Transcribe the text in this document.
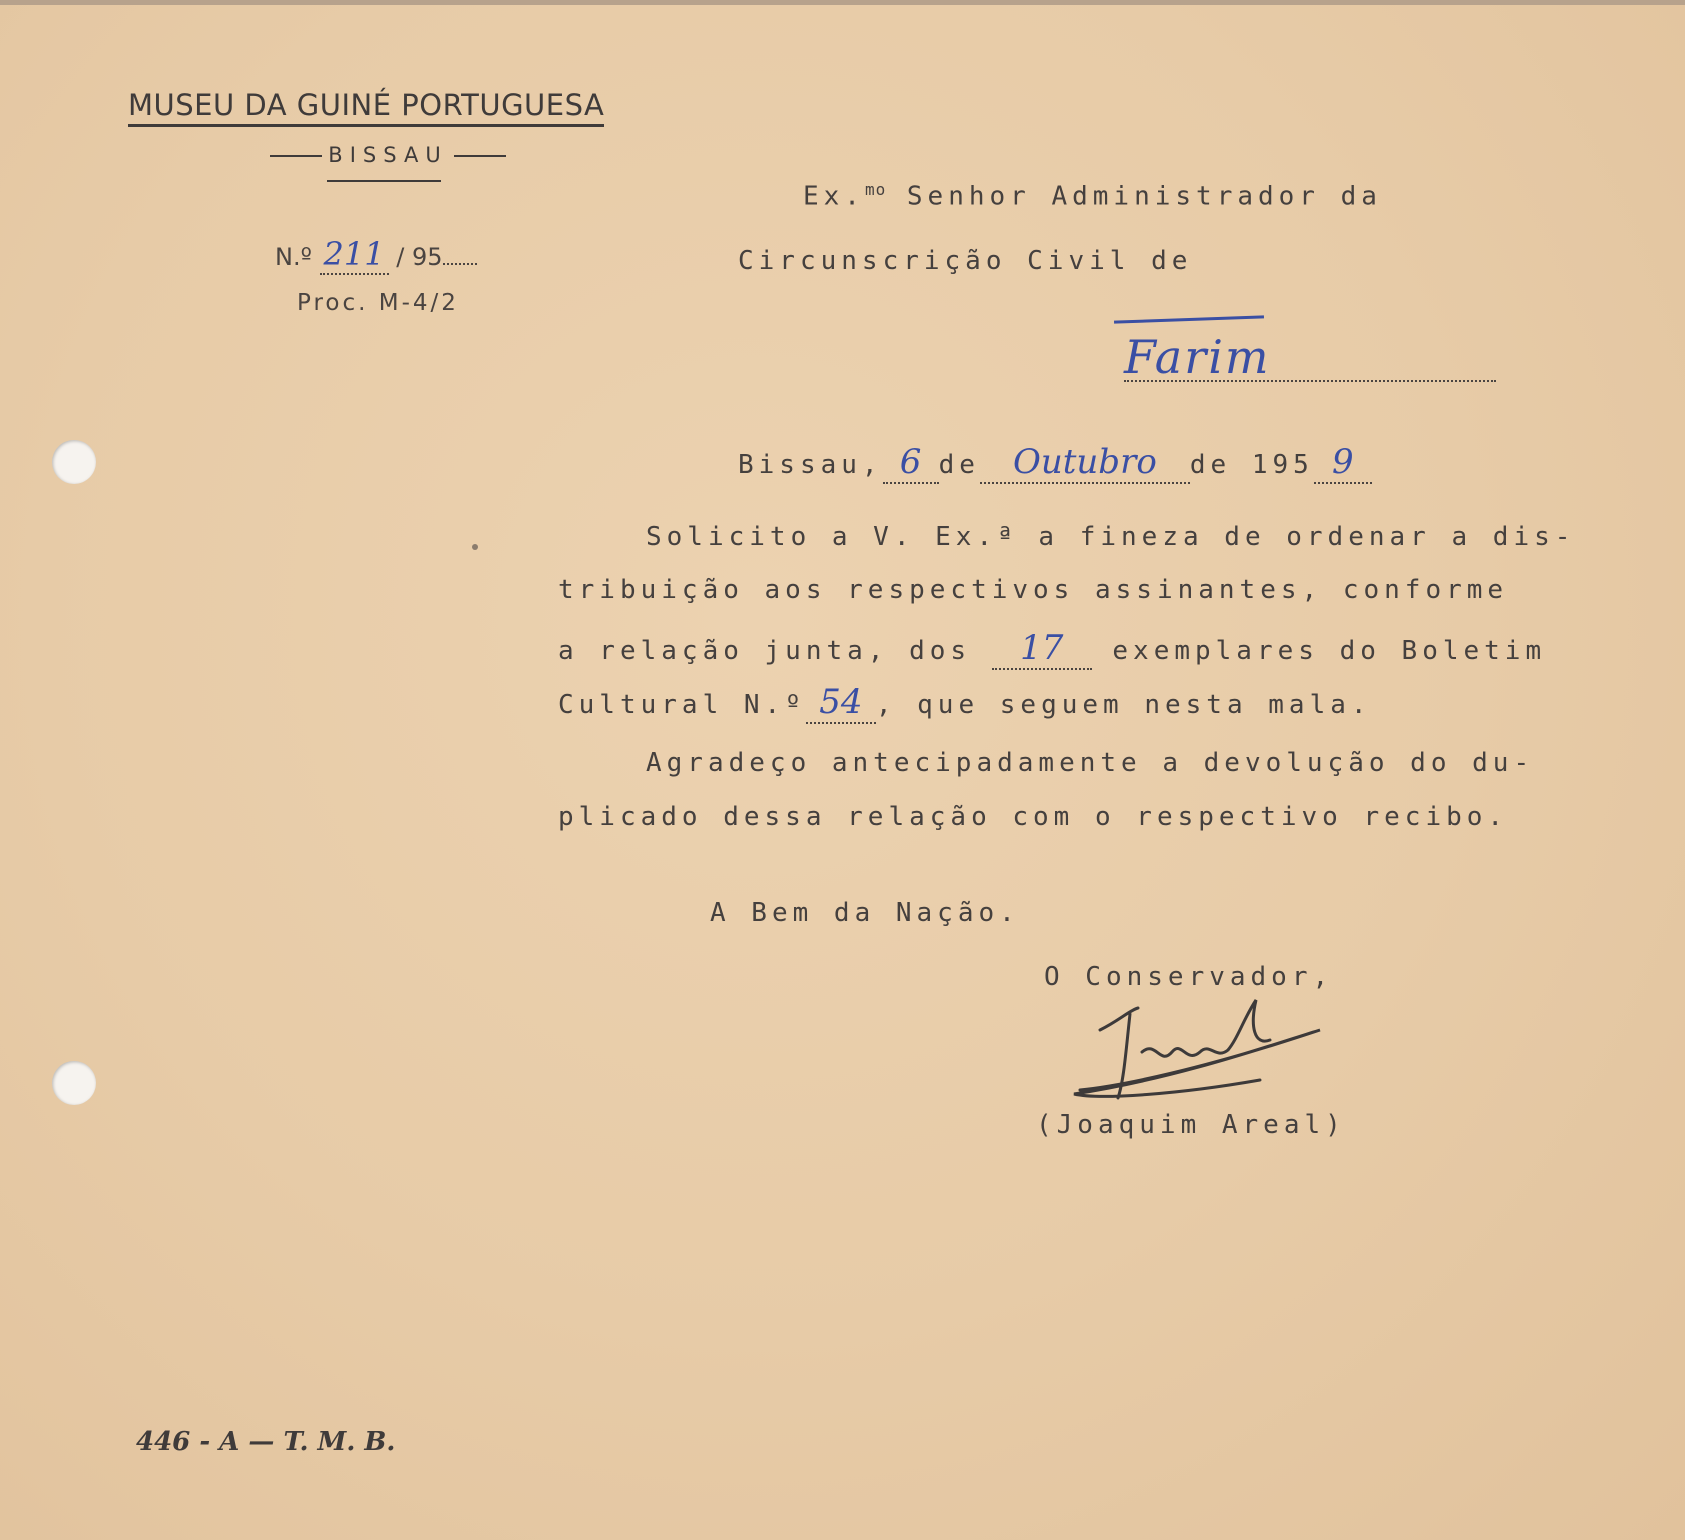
MUSEU DA GUINÉ PORTUGUESA
BISSAU
N.º 211 / 95
Proc. M-4/2
Ex.$^{mo}$ Senhor Administrador da
Circunscrição Civil de
Farim
Bissau, 6 de Outubro de 195 9
Solicito a V. Ex.ª a fineza de ordenar a dis-
tribuição aos respectivos assinantes, conforme
a relação junta, dos 17 exemplares do Boletim
Cultural N.º 54 , que seguem nesta mala.
Agradeço antecipadamente a devolução do du-
plicado dessa relação com o respectivo recibo.
A Bem da Nação.
O Conservador,
(Joaquim Areal)
446 - A — T. M. B.
